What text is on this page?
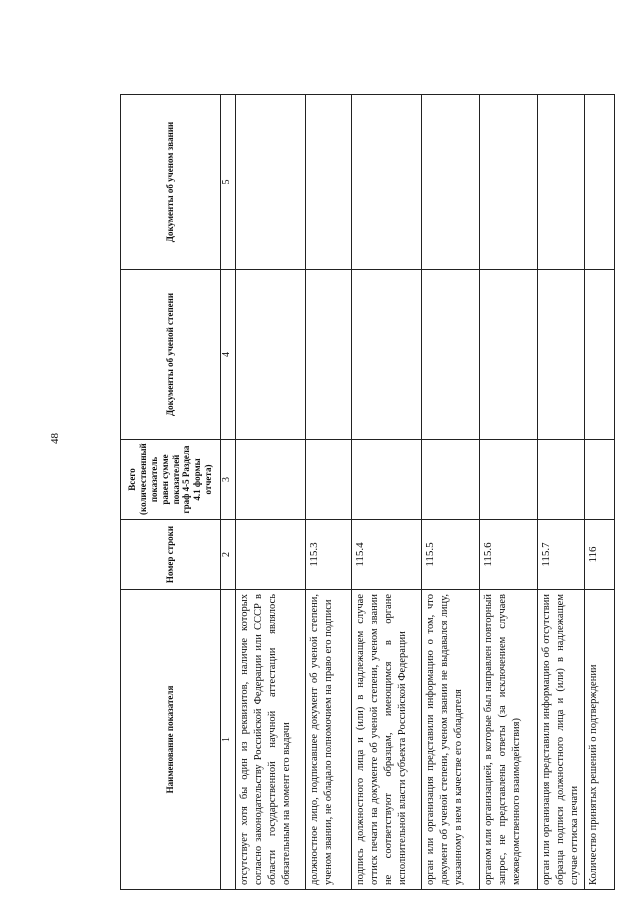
48
Наименование показателя	Номер строки	Всего (количественный показатель равен сумме показателей граф 4-5 Раздела 4.1 формы отчета)	Документы об ученой степени	Документы об ученом звании
1	2	3	4	5
отсутствует хотя бы один из реквизитов, наличие которых согласно законодательству Российской Федерации или СССР в области государственной научной аттестации являлось обязательным на момент его выдачи				
должностное лицо, подписавшее документ об ученой степени, ученом звании, не обладало полномочием на право его подписи	115.3			
подпись должностного лица и (или) в надлежащем случае оттиск печати на документе об ученой степени, ученом звании не соответствуют образцам, имеющимся в органе исполнительной власти субъекта Российской Федерации	115.4			
орган или организация представили информацию о том, что документ об ученой степени, ученом звании не выдавался лицу, указанному в нем в качестве его обладателя	115.5			
органом или организацией, в которые был направлен повторный запрос, не представлены ответы (за исключением случаев межведомственного взаимодействия)	115.6			
орган или организация представили информацию об отсутствии образца подписи должностного лица и (или) в надлежащем случае оттиска печати	115.7			
Количество принятых решений о подтверждении	116			
